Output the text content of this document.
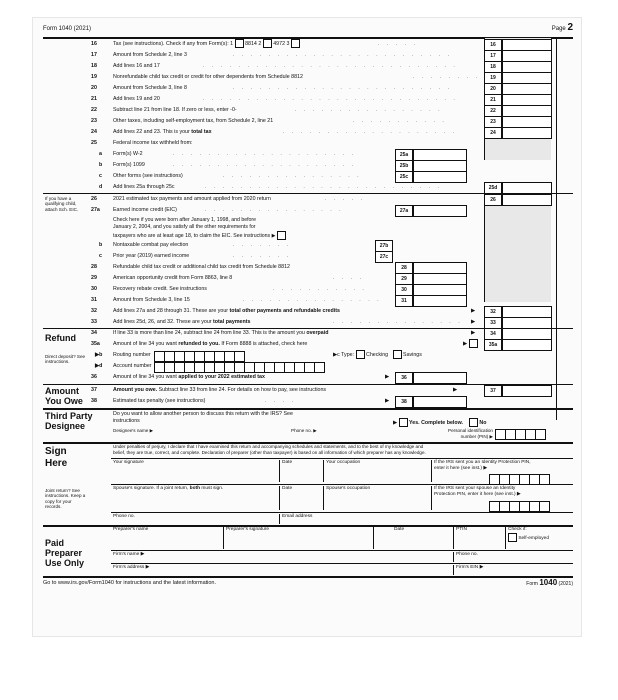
Form 1040 (2021)	Page 2
16	Tax (see instructions). Check if any from Form(s): 1  8814 2  4972 3	. . . . .	16
17	Amount from Schedule 2, line 3	. . . . . . . . . . . . . . . . . . . . . . . . .	17
18	Add lines 16 and 17	. . . . . . . . . . . . . . . . . . . . . . . . . . . . .	18
19	Nonrefundable child tax credit or credit for other dependents from Schedule 8812	. . . . . . . .	19
20	Amount from Schedule 3, line 8	. . . . . . . . . . . . . . . . . . . . . . . . .	20
21	Add lines 19 and 20	. . . . . . . . . . . . . . . . . . . . . . . . . . . . .	21
22	Subtract line 21 from line 18. If zero or less, enter -0-	. . . . . . . . . . . . . . . . .	22
23	Other taxes, including self-employment tax, from Schedule 2, line 21	. . . . . . . . . . .	23
24	Add lines 22 and 23. This is your total tax	. . . . . . . . . . . . . . . . . . . .	24
25	Federal income tax withheld from:
a	Form(s) W-2	. . . . . . . . . . . . . . . . . . . . .	25a
b	Form(s) 1099	. . . . . . . . . . . . . . . . . . . . .	25b
c	Other forms (see instructions)	. . . . . . . . . . . . . . . .	25c
d	Add lines 25a through 25c	. . . . . . . . . . . . . . . . . . . . . . . . . . .	25d
If you have a qualifying child, attach Sch. EIC.
26	2021 estimated tax payments and amount applied from 2020 return	. . . . .	26
27a	Earned income credit (EIC)	. . . . . . . . . . . . . . . .	27a
Check here if you were born after January 1, 1998, and before
January 2, 2004, and you satisfy all the other requirements for
taxpayers who are at least age 18, to claim the EIC. See instructions ▶
b	Nontaxable combat pay election	. . . . . . .	27b
c	Prior year (2019) earned income	. . . . . . .	27c
28	Refundable child tax credit or additional child tax credit from Schedule 8812	28
29	American opportunity credit from Form 8863, line 8	. . . .	29
30	Recovery rebate credit. See instructions	. . . . . . . . . . .	30
31	Amount from Schedule 3, line 15	. . . . . . . . . . . . . . . .	31
32	Add lines 27a and 28 through 31. These are your total other payments and refundable credits	▶	32
33	Add lines 25d, 26, and 32. These are your total payments	. . . . . . . . . . . . . . . ▶	33
Refund	34	If line 33 is more than line 24, subtract line 24 from line 33. This is the amount you overpaid	▶	34
35a	Amount of line 34 you want refunded to you. If Form 8888 is attached, check here	▶	35a
Direct deposit? See instructions.
▶b	Routing number	▶c Type: Checking	Savings
▶d	Account number
36	Amount of line 34 you want applied to your 2022 estimated tax	▶	36
Amount
You Owe
37	Amount you owe. Subtract line 33 from line 24. For details on how to pay, see instructions	▶	37
38	Estimated tax penalty (see instructions)	. . . .	▶	38
Third Party
Designee
Do you want to allow another person to discuss this return with the IRS? See
instructions	▶  Yes. Complete below.	No
Designee's name ▶	Phone no. ▶	Personal identification number (PIN) ▶
Sign
Here
Under penalties of perjury, I declare that I have examined this return and accompanying schedules and statements, and to the best of my knowledge and
belief, they are true, correct, and complete. Declaration of preparer (other than taxpayer) is based on all information of which preparer has any knowledge.
Your signature	Date	Your occupation	If the IRS sent you an Identity Protection PIN, enter it here (see inst.) ▶
Joint return? See instructions. Keep a copy for your records.
Spouse's signature. If a joint return, both must sign.	Date	Spouse's occupation	If the IRS sent your spouse an Identity Protection PIN, enter it here (see inst.) ▶
Phone no.	Email address
Paid
Preparer
Use Only
Preparer's name	Preparer's signature	Date	PTIN	Check if:
Self-employed
Firm's name ▶	Phone no.
Firm's address ▶	Firm's EIN ▶
Go to www.irs.gov/Form1040 for instructions and the latest information.	Form 1040 (2021)
